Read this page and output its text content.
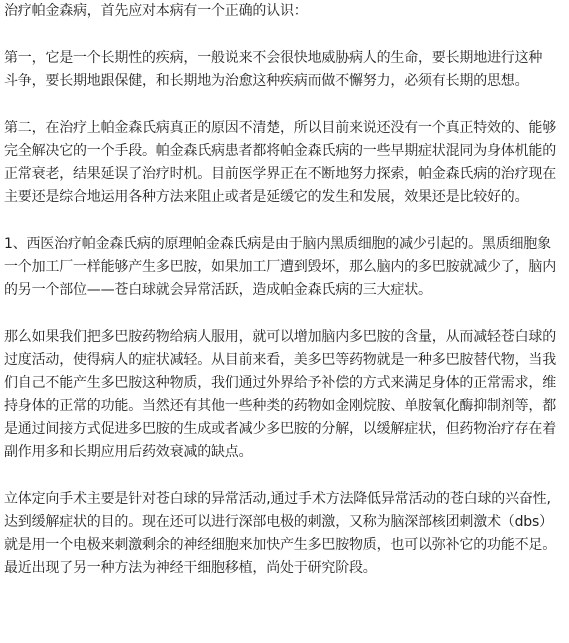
治疗帕金森病，首先应对本病有一个正确的认识：

第一，它是一个长期性的疾病，一般说来不会很快地威胁病人的生命，要长期地进行这种
斗争，要长期地跟保健，和长期地为治愈这种疾病而做不懈努力，必须有长期的思想。

第二，在治疗上帕金森氏病真正的原因不清楚，所以目前来说还没有一个真正特效的、能够
完全解决它的一个手段。帕金森氏病患者都将帕金森氏病的一些早期症状混同为身体机能的
正常衰老，结果延误了治疗时机。目前医学界正在不断地努力探索，帕金森氏病的治疗现在
主要还是综合地运用各种方法来阻止或者是延缓它的发生和发展，效果还是比较好的。

1、西医治疗帕金森氏病的原理帕金森氏病是由于脑内黑质细胞的减少引起的。黑质细胞象
一个加工厂一样能够产生多巴胺，如果加工厂遭到毁坏，那么脑内的多巴胺就减少了，脑内
的另一个部位——苍白球就会异常活跃，造成帕金森氏病的三大症状。

那么如果我们把多巴胺药物给病人服用，就可以增加脑内多巴胺的含量，从而减轻苍白球的
过度活动，使得病人的症状减轻。从目前来看，美多巴等药物就是一种多巴胺替代物，当我
们自己不能产生多巴胺这种物质，我们通过外界给予补偿的方式来满足身体的正常需求，维
持身体的正常的功能。当然还有其他一些种类的药物如金刚烷胺、单胺氧化酶抑制剂等，都
是通过间接方式促进多巴胺的生成或者减少多巴胺的分解，以缓解症状，但药物治疗存在着
副作用多和长期应用后药效衰减的缺点。

立体定向手术主要是针对苍白球的异常活动,通过手术方法降低异常活动的苍白球的兴奋性,
达到缓解症状的目的。现在还可以进行深部电极的刺激，又称为脑深部核团刺激术（dbs）
就是用一个电极来刺激剩余的神经细胞来加快产生多巴胺物质，也可以弥补它的功能不足。
最近出现了另一种方法为神经干细胞移植，尚处于研究阶段。
